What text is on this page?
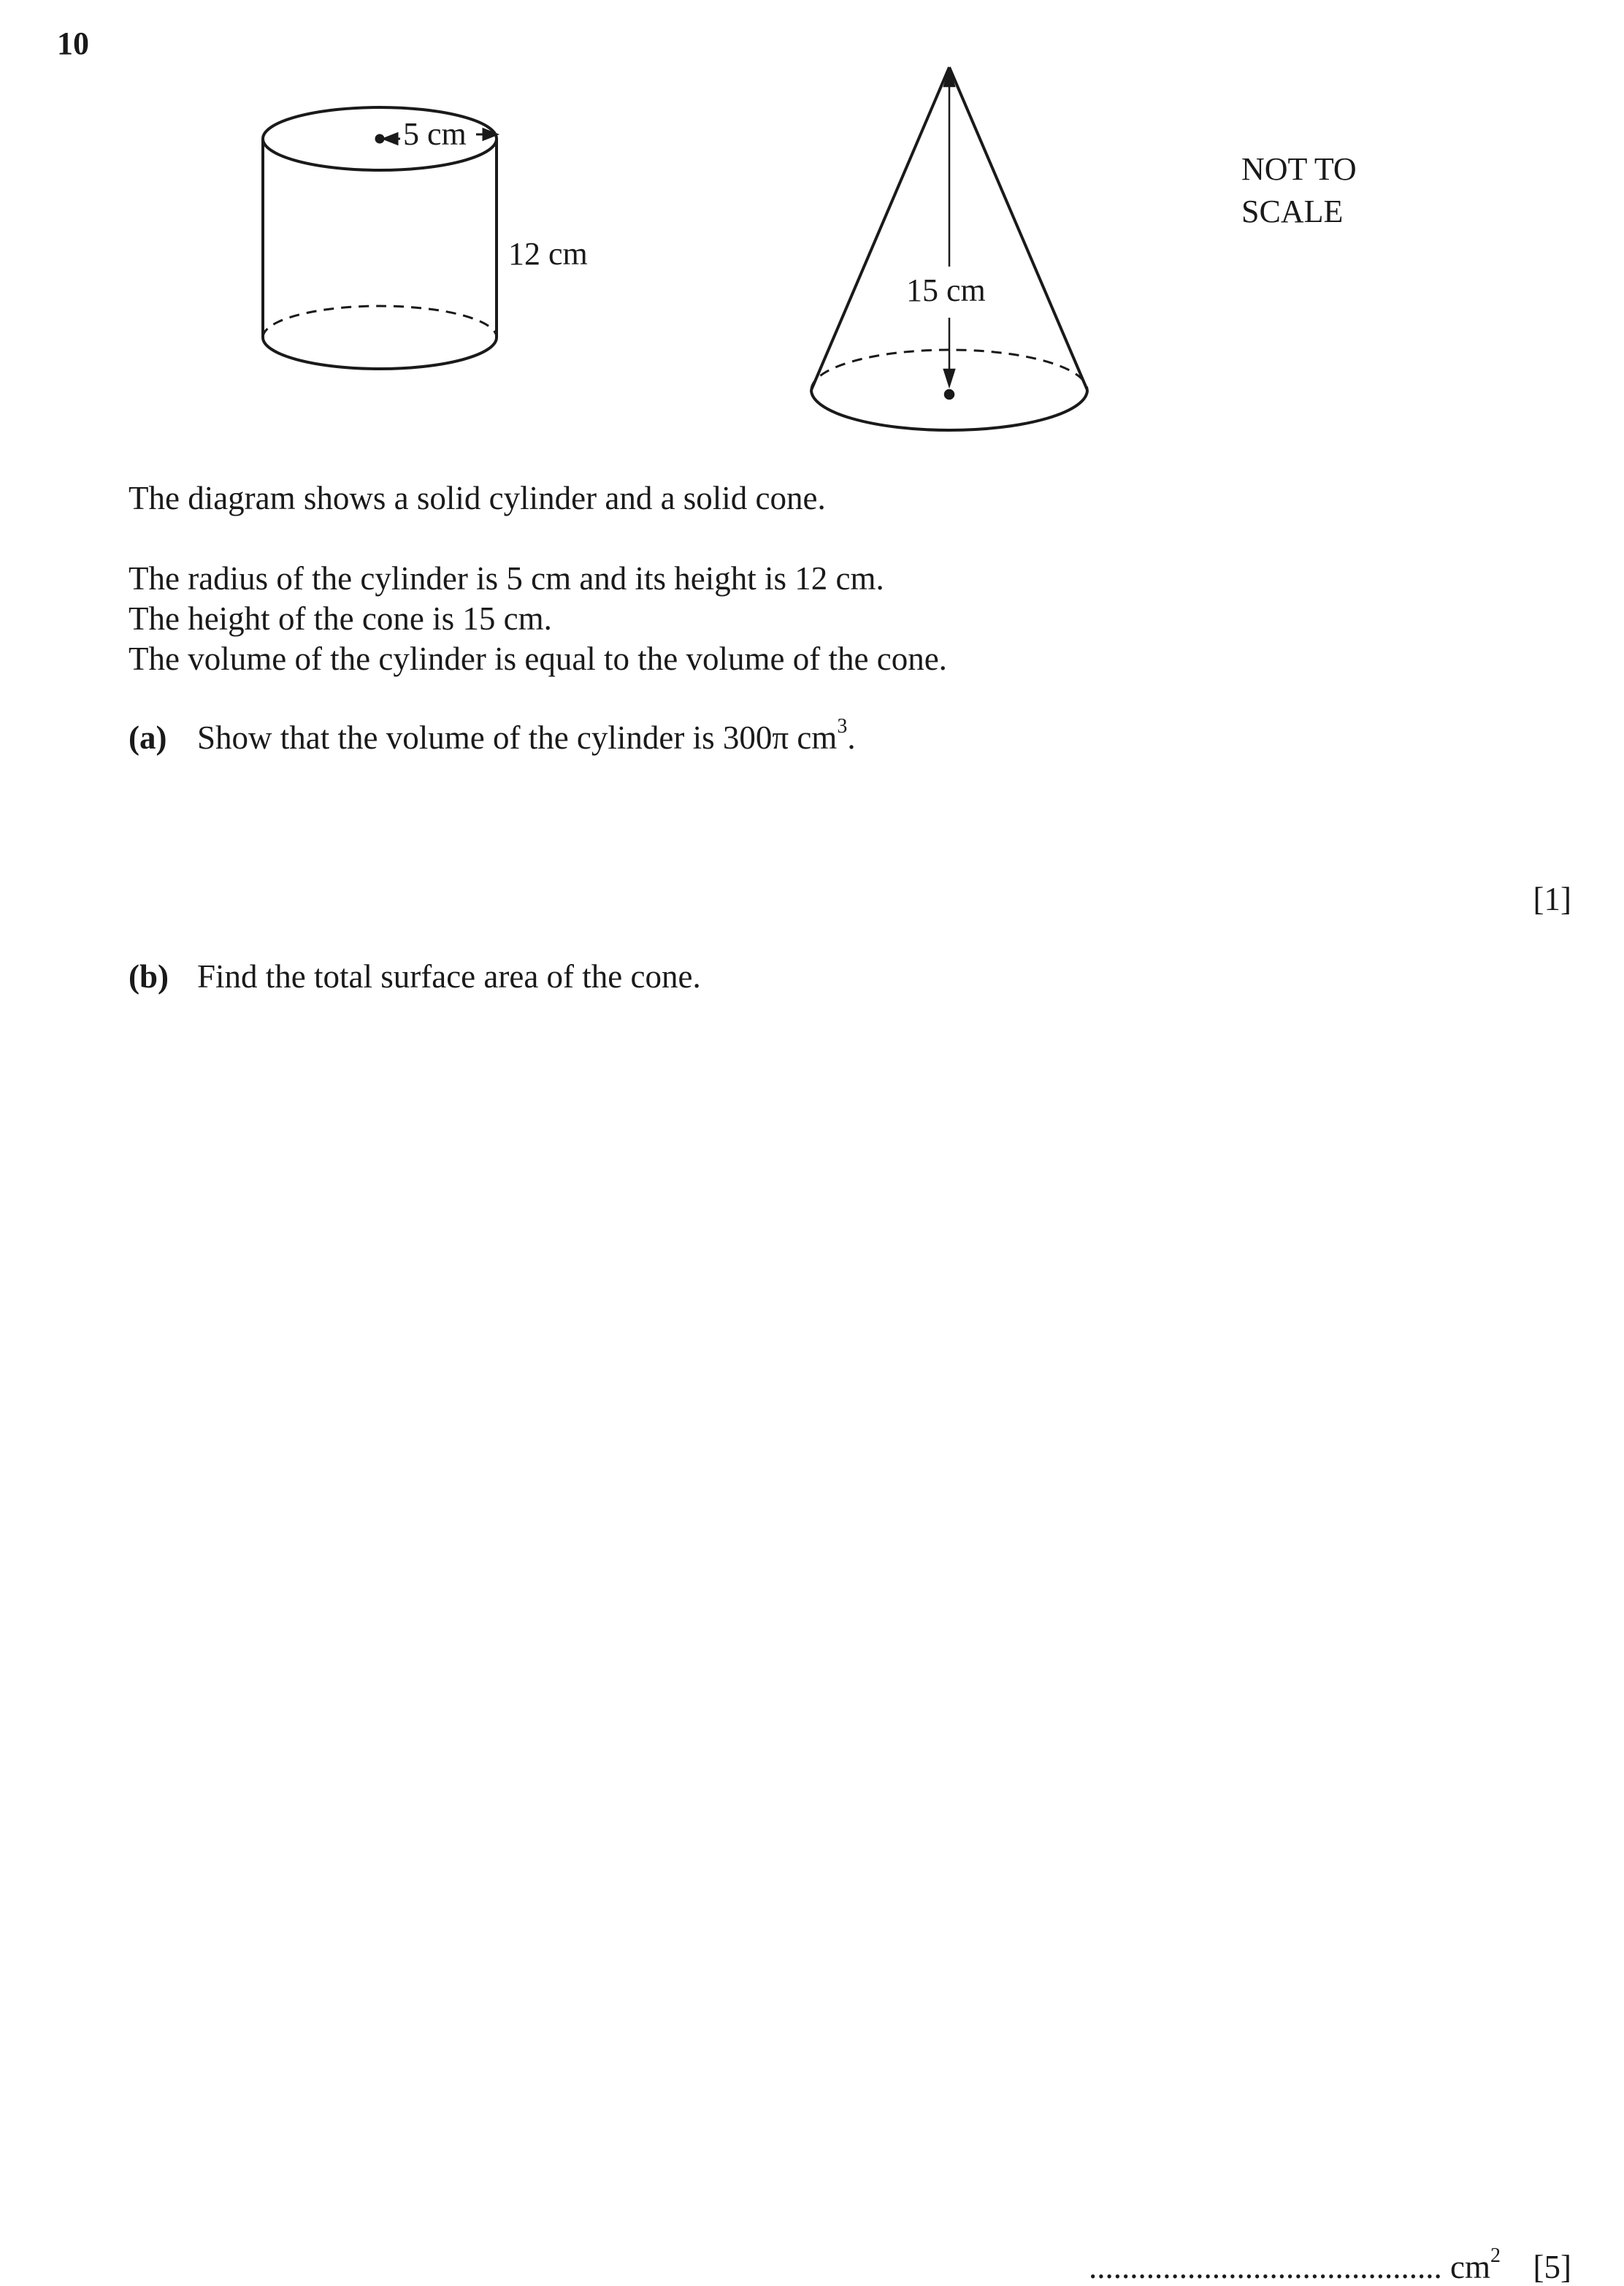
10
5 cm
12 cm
15 cm
NOT TO
SCALE
The diagram shows a solid cylinder and a solid cone.
The radius of the cylinder is 5 cm and its height is 12 cm.
The height of the cone is 15 cm.
The volume of the cylinder is equal to the volume of the cone.
(a) Show that the volume of the cylinder is 300π $cm^3$.
[1]
(b) Find the total surface area of the cone.
........................................... $cm^2$ [5]
